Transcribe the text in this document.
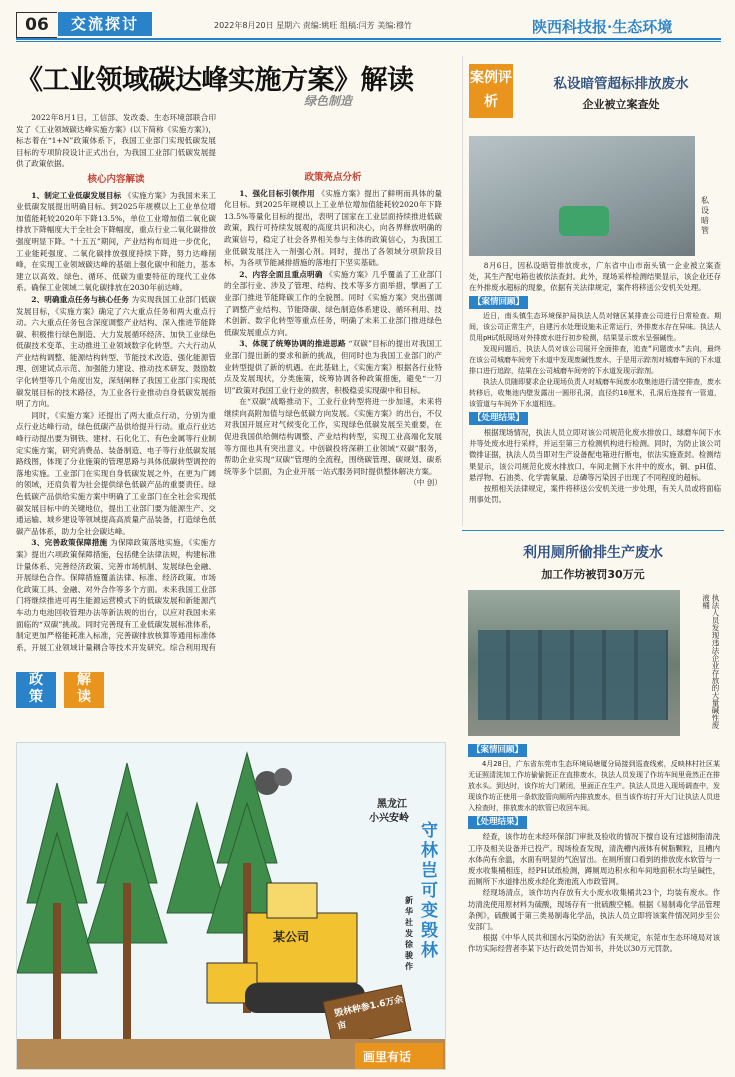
06	交流探讨	2022年8月20日 星期六 责编:姚旺 组稿:闫芳 美编:穆竹	陕西科技报·生态环境
《工业领域碳达峰实施方案》解读
绿色制造

2022年8月1日，工信部、发改委、生态环境部联合印发了《工业领域碳达峰实施方案》(以下简称《实施方案》)，标志着在“1+N”政策体系下，我国工业部门实现低碳发展目标的专项阶段设计正式出台，为我国工业部门低碳发展提供了政策依据。

核心内容解读

1、制定工业低碳发展目标 《实施方案》为我国未来工业低碳发展提出明确目标。到2025年规模以上工业单位增加值能耗较2020年下降13.5%，单位工业增加值二氧化碳排放下降幅度大于全社会下降幅度，重点行业二氧化碳排放强度明显下降。“十五五”期间，产业结构布局进一步优化，工业能耗强度、二氧化碳排放强度持续下降，努力达峰削峰，在实现工业领域碳达峰的基础上强化碳中和能力，基本建立以高效、绿色、循环、低碳为重要特征的现代工业体系。确保工业领域二氧化碳排放在2030年前达峰。

2、明确重点任务与核心任务 为实现我国工业部门低碳发展目标，《实施方案》确定了六大重点任务和两大重点行动。六大重点任务包含深度调整产业结构、深入推进节能降碳、积极推行绿色制造、大力发展循环经济、加快工业绿色低碳技术变革、主动推进工业领域数字化转型。六大行动从产业结构调整、能源结构转型、节能技术改造、强化能源管理、创建试点示范、加强能力建设、推动技术研发、鼓励数字化转型等几个角度出发，深刻阐释了我国工业部门实现低碳发展目标的技术路径，为工业各行业推动自身低碳发展指明了方向。

同时，《实施方案》还提出了两大重点行动，分别为重点行业达峰行动，绿色低碳产品供给提升行动。重点行业达峰行动提出要为钢铁、建材、石化化工、有色金属等行业制定实施方案，研究消费品、装备制造、电子等行业低碳发展路线图，体现了分业施策的管理思路与具体低碳转型调控的落地实施。工业部门在实现自身低碳发展之外，在更为广阔的领域，还肩负着为社会提供绿色低碳产品的重要责任。绿色低碳产品供给实施方案中明确了工业部门在全社会实现低碳发展目标中的关键地位，提出工业部门要为能源生产、交通运输、城乡建设等领域提高高质量产品装备，打造绿色低碳产品体系，助力全社会碳达峰。

3、完善政策保障措施 为保障政策落地实施，《实施方案》提出六项政策保障措施，包括健全法律法规，构建标准计量体系、完善经济政策、完善市场机制、发展绿色金融、开展绿色合作。保障措施覆盖法律、标准、经济政策、市场化政策工具、金融、对外合作等多个方面。未来我国工业部门将继续推进可再生能源运营模式下的低碳发展和新能源汽车动力电池回收管理办法等新法规的出台，以应对我国未来面临的“双碳”挑战。同时完善现有工业低碳发展标准体系，制定更加严格能耗准入标准，完善碳排放核算等通用标准体系，开展工业领域计量耦合等技术开发研究。综合利用现有

政
策
解
读
政策亮点分析

1、强化目标引领作用 《实施方案》提出了鲜明而具体的量化目标。到2025年规模以上工业单位增加值能耗较2020年下降13.5%等量化目标的提出，表明了国家在工业层面持续推进低碳政策，践行可持续发展观的高度共识和决心，向各界释放明确的政策信号，稳定了社会各界相关参与主体的政策信心，为我国工业低碳发展注入一剂强心剂。同时，提出了各领域分项阶段目标，为各项节能减排措施的落地打下坚实基础。

2、内容全面且重点明确 《实施方案》几乎覆盖了工业部门的全部行业、涉及了管理、结构、技术等多方面举措，擘画了工业部门推进节能降碳工作的全貌图。同时《实施方案》突出强调了调整产业结构、节能降碳、绿色制造体系建设、循环利用、技术创新、数字化转型等重点任务，明确了未来工业部门推进绿色低碳发展重点方向。

3、体现了统筹协调的推进思路 “双碳”目标的提出对我国工业部门提出新的要求和新的挑战，但同时也为我国工业部门的产业转型提供了新的机遇。在此基础上，《实施方案》根据各行业特点及发展现状，分类施策，统筹协调各种政策措施，避免“一刀切”政策对我国工业行业的损害，积极稳妥实现碳中和目标。

在“双碳”战略推动下，工业行业转型将进一步加速，未来将继续向高附加值与绿色低碳方向发展。《实施方案》的出台，不仅对我国开展应对气候变化工作，实现绿色低碳发展至关重要，在促进我国供给侧结构调整、产业结构转型，实现工业高端化发展等方面也具有突出意义。中创碳投将深耕工业领域“双碳”服务，帮助企业实现“双碳”管理的全流程，围绕碳管理、碳规划、碳系统等多个层面，为企业开展一站式服务同时提供整体解决方案。

（中 创）
黑龙江
小兴安岭
守林岂可变毁林
新华社发 徐骏 作
某公司
毁林种参1.6万余亩
画里有话
案例评析
私设暗管超标排放废水
企业被立案查处
私设暗管

8月6日，因私设暗管排放废水，广东省中山市南头镇一企业被立案查处，其生产配电箱也被依法查封。此外，现场采样检测结果显示，该企业还存在外排废水超标的现象，依据有关法律规定，案件将移送公安机关处理。

【案情回顾】

近日，南头镇生态环境保护局执法人员对辖区某排查公司进行日常检查。期间，该公司正常生产，自建污水处理设施未正常运行，外排废水存在异味。执法人员用pH试纸现场对外排废水进行初步检测，结果显示废水呈强碱性。

发现问题后，执法人员对该公司展开全面排查，追查“问题废水”去向，最终在该公司城磨车间旁下水道中发现废碱性废水，于是用示踪剂对城磨车间的下水道排口进行追踪，结果在公司城磨车间旁的下水道发现示踪剂。

执法人员随即要求企业现场负责人对城磨车间废水收集池进行清空排查，废水转移后，收集池内壁发露出一圆形孔洞，直径约10厘米，孔洞后连接有一管道，该管道与车间外下水道相连。

【处理结果】

根据现场情况，执法人员立即对该公司规范化废水排放口、球磨车间下水井等处废水进行采样，并运至第三方检测机构进行检测。同时，为防止该公司微排证据，执法人员当即对生产设备配电箱进行断电，依法实施查封。检测结果显示，该公司规范化废水排放口、车间北侧下水井中的废水，铜、pH值、悬浮物、石油类、化学需氧量、总磷等污染因子出现了不同程度的超标。

按照相关法律规定，案件将移送公安机关进一步处理，有关人员或将面临刑事处罚。

利用厕所偷排生产废水
加工作坊被罚30万元
执法人员发现违法企业存放的大量碱性废液桶
【案情回顾】

4月28日，广东省东莞市生态环境局塘厦分局接到巡查线索，反映林村社区某无证照清洗加工作坊偷偷扼正在直排废水，执法人员发现了作坊车间里竟然正在排放水头。到达时，该作坊大门紧闭，里面正在生产。执法人员进入现场调查中，发现该作坊正使用一条软胶管向厕所内排放废水，但当该作坊打开大门让执法人员进入检查时，排放废水的软管已收回车间。

【处理结果】

经查，该作坊在未经环保部门审批及验收的情况下擅自设有过滤树脂清洗工序及相关设备并已投产。现场检查发现，清洗槽内液体有树脂颗粒，且槽内水体尚有余温，水面有明显的气泡冒出。在厕所窗口看到的排放废水软管与一废水收集桶相连，经PH试纸检测，蹲厕周边积水和车间地面积水均呈碱性，而厕所下水道排出废水经化粪池流入市政管网。

经现场清点，该作坊内存放有大小废水收集桶共23个，均装有废水。作坊清洗使用原材料为硫酸，现场存有一批硫酸空桶。根据《易制毒化学品管理条例》，硫酸属于第三类易制毒化学品，执法人员立即将该案件情况同步至公安部门。

根据《中华人民共和国水污染防治法》有关规定，东莞市生态环境局对该作坊实际经营者李某下达行政处罚告知书，并处以30万元罚款。
